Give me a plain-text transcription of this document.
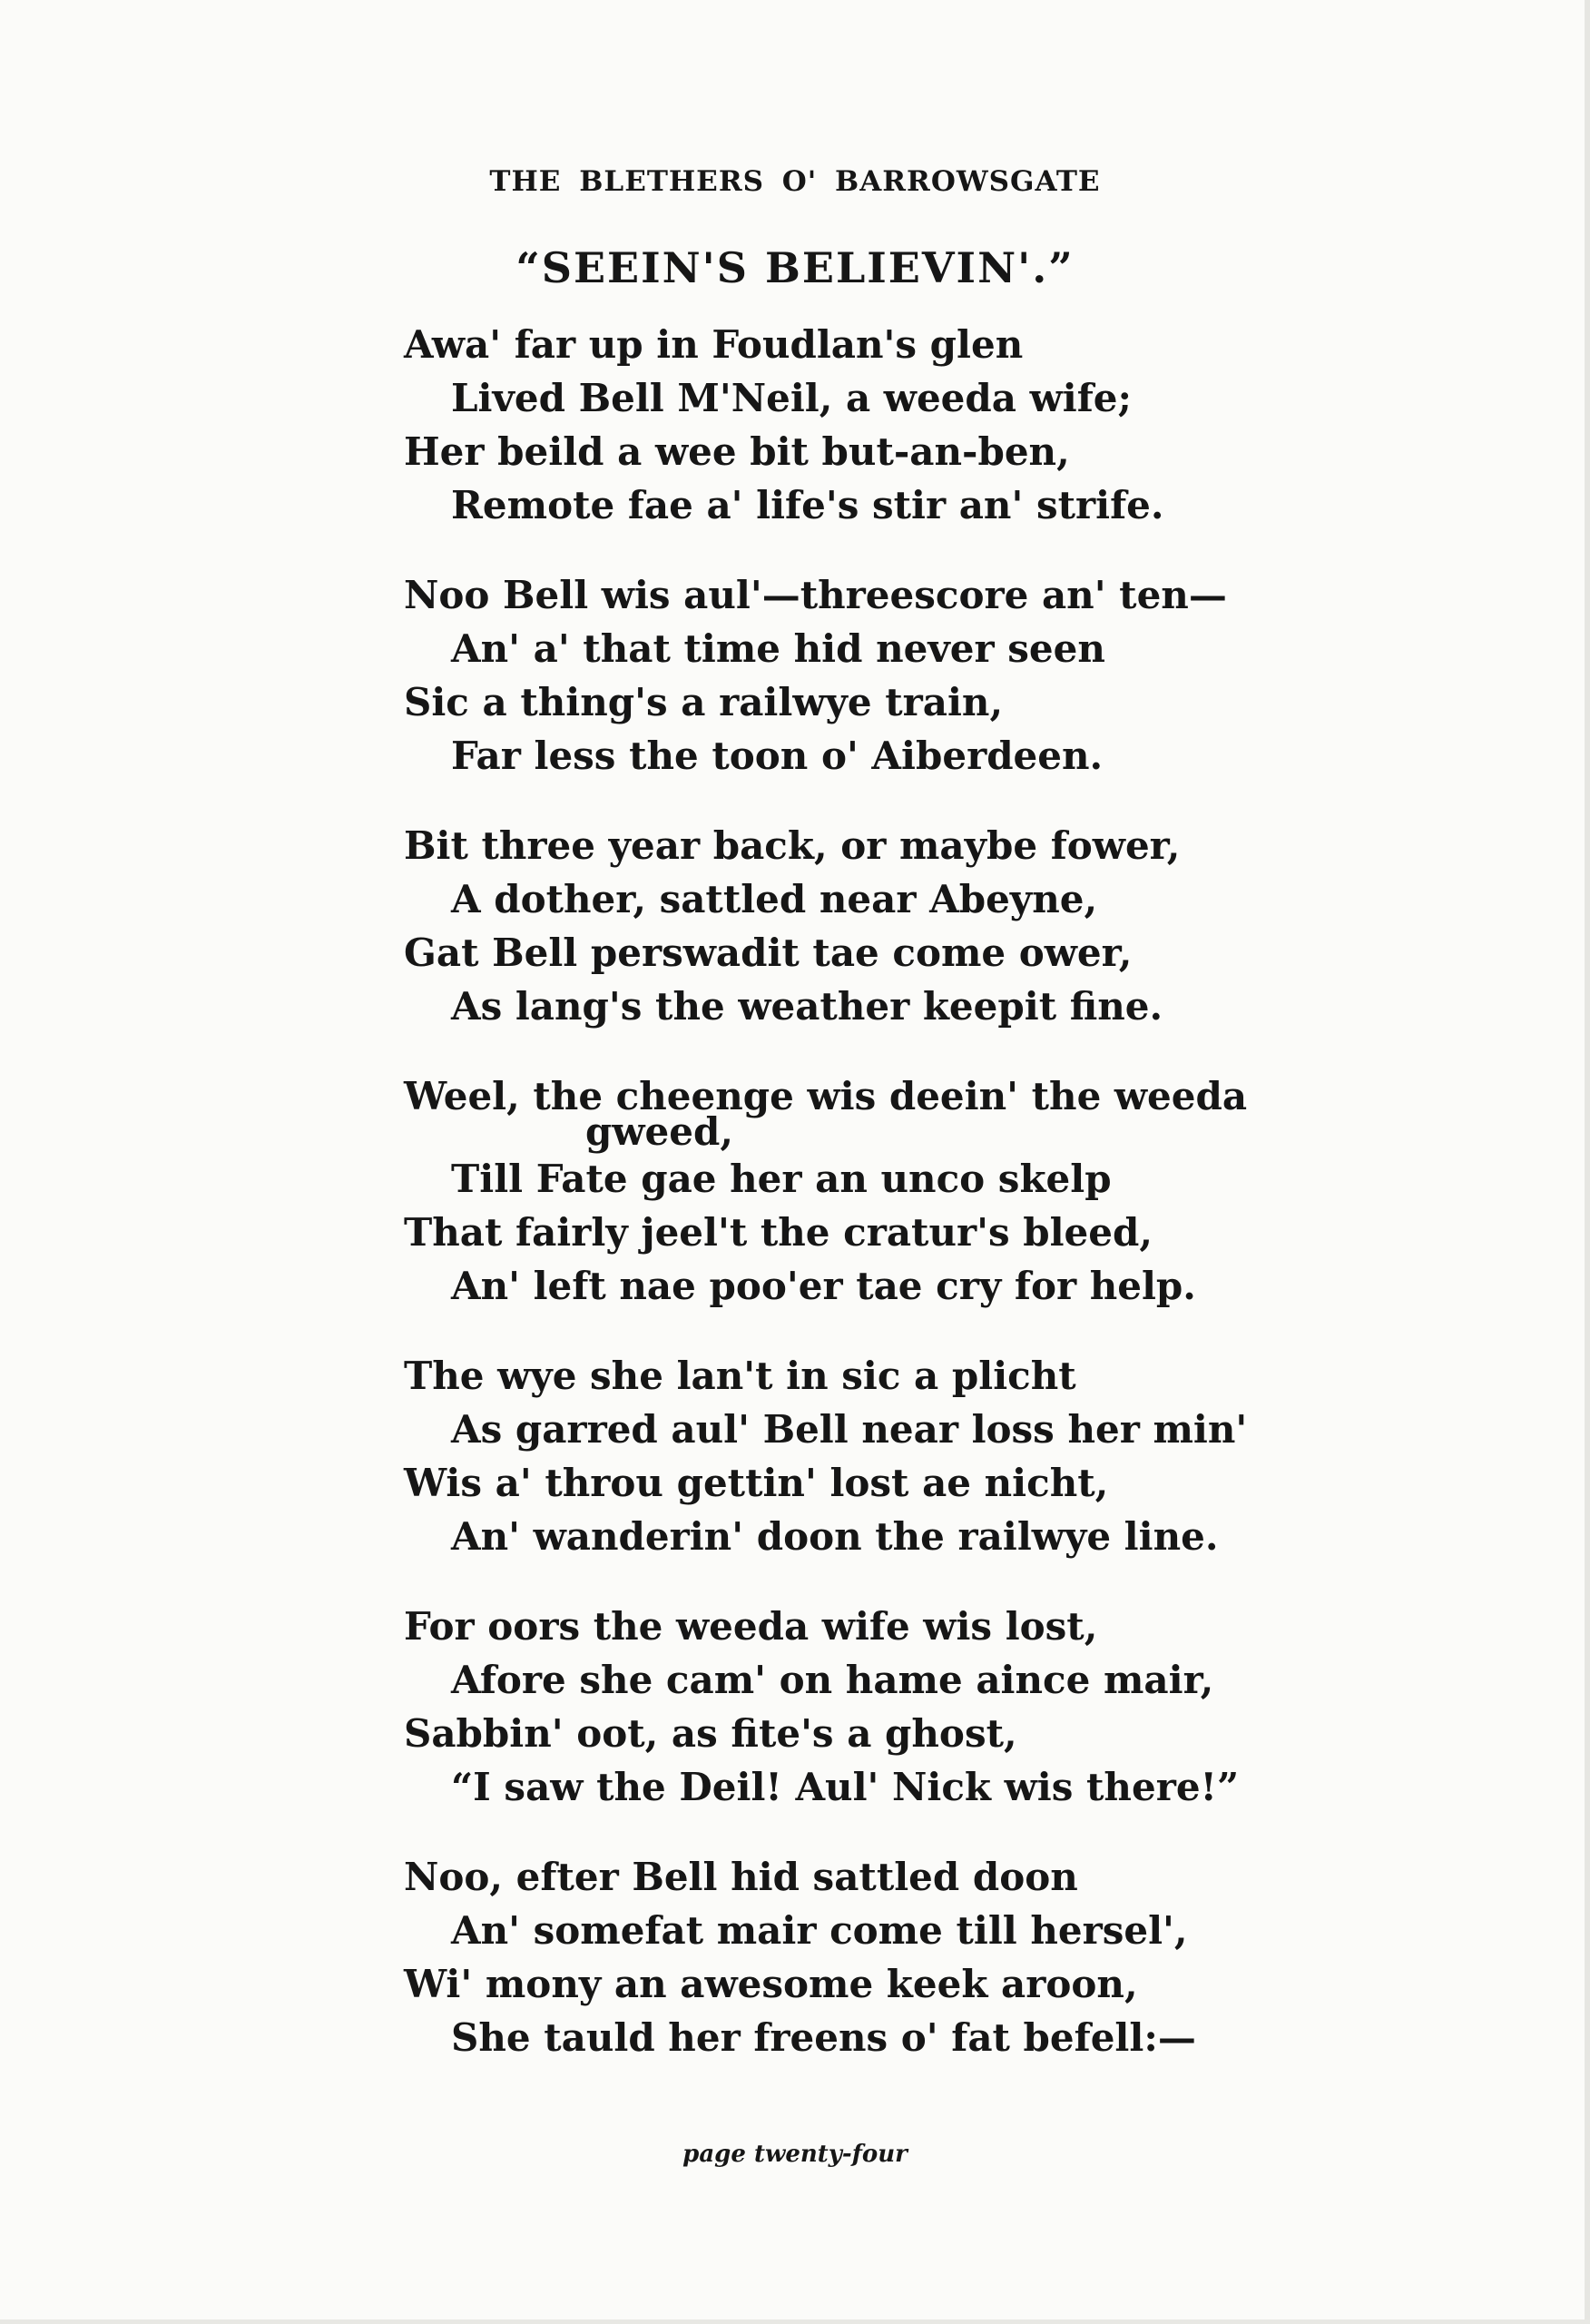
THE BLETHERS O' BARROWSGATE
“SEEIN'S BELIEVIN'.”
Awa' far up in Foudlan's glen
Lived Bell M'Neil, a weeda wife;
Her beild a wee bit but-an-ben,
Remote fae a' life's stir an' strife.
Noo Bell wis aul'—threescore an' ten—
An' a' that time hid never seen
Sic a thing's a railwye train,
Far less the toon o' Aiberdeen.
Bit three year back, or maybe fower,
A dother, sattled near Abeyne,
Gat Bell perswadit tae come ower,
As lang's the weather keepit fine.
Weel, the cheenge wis deein' the weeda
gweed,
Till Fate gae her an unco skelp
That fairly jeel't the cratur's bleed,
An' left nae poo'er tae cry for help.
The wye she lan't in sic a plicht
As garred aul' Bell near loss her min'
Wis a' throu gettin' lost ae nicht,
An' wanderin' doon the railwye line.
For oors the weeda wife wis lost,
Afore she cam' on hame aince mair,
Sabbin' oot, as fite's a ghost,
“I saw the Deil! Aul' Nick wis there!”
Noo, efter Bell hid sattled doon
An' somefat mair come till hersel',
Wi' mony an awesome keek aroon,
She tauld her freens o' fat befell:—
page twenty-four
